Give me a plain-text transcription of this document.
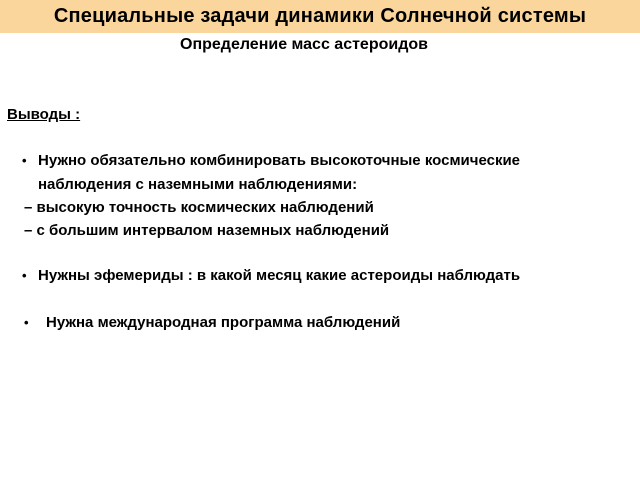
Специальные задачи динамики Солнечной системы
Определение масс астероидов
Выводы :
• Нужно обязательно комбинировать высокоточные космические
наблюдения с наземными наблюдениями:
– высокую точность космических наблюдений
– с большим интервалом наземных наблюдений
• Нужны эфемериды : в какой месяц какие астероиды наблюдать
• Нужна международная программа наблюдений
